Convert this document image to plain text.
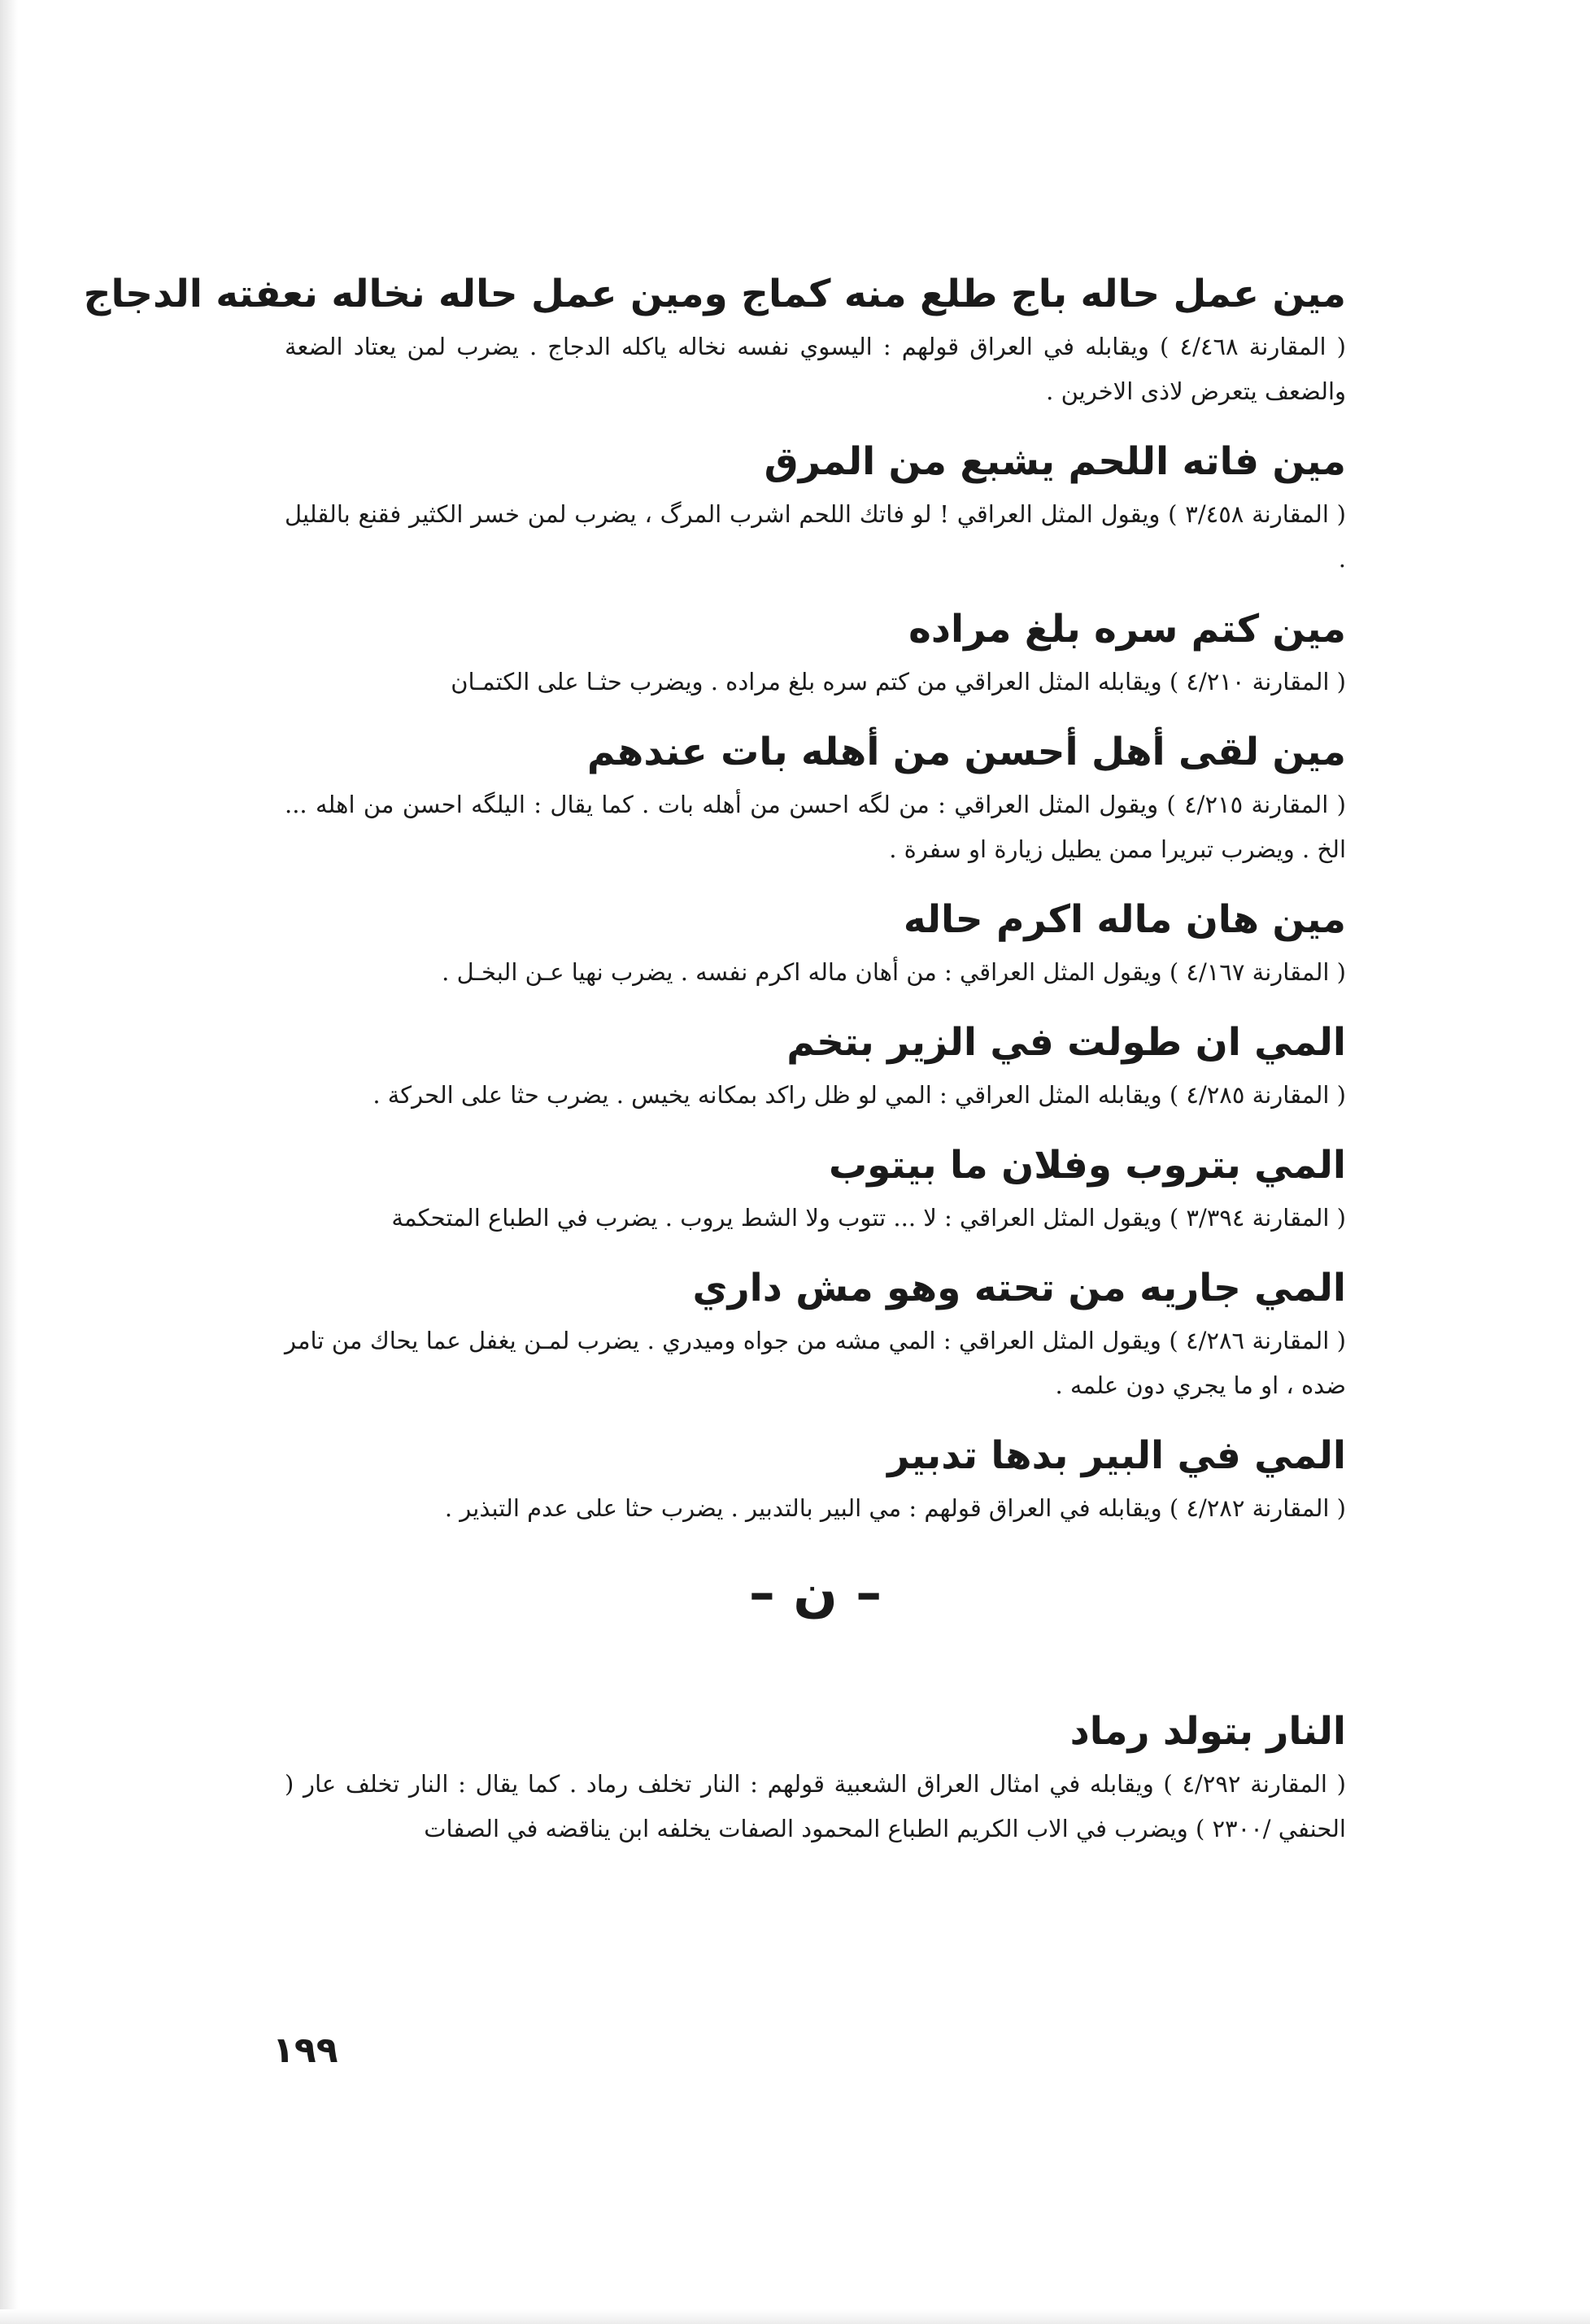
مين عمل حاله باج طلع منه كماج ومين عمل حاله نخاله نعفته الدجاج

( المقارنة ٤/٤٦٨ ) ويقابله في العراق قولهم : اليسوي نفسه نخاله ياكله الدجاج . يضرب لمن يعتاد الضعة والضعف يتعرض لاذى الاخرين .

مين فاته اللحم يشبع من المرق

( المقارنة ٣/٤٥٨ ) ويقول المثل العراقي ! لو فاتك اللحم اشرب المرگ ، يضرب لمن خسر الكثير فقنع بالقليل .

مين كتم سره بلغ مراده

( المقارنة ٤/٢١٠ ) ويقابله المثل العراقي من كتم سره بلغ مراده . ويضرب حثـا على الكتمـان

مين لقى أهل أحسن من أهله بات عندهم

( المقارنة ٤/٢١٥ ) ويقول المثل العراقي : من لگه احسن من أهله بات . كما يقال : اليلگه احسن من اهله ... الخ . ويضرب تبريرا ممن يطيل زيارة او سفرة .

مين هان ماله اكرم حاله

( المقارنة ٤/١٦٧ ) ويقول المثل العراقي : من أهان ماله اكرم نفسه . يضرب نهيا عـن البخـل .

المي ان طولت في الزير بتخم

( المقارنة ٤/٢٨٥ ) ويقابله المثل العراقي : المي لو ظل راكد بمكانه يخيس . يضرب حثا على الحركة .

المي بتروب وفلان ما بيتوب

( المقارنة ٣/٣٩٤ ) ويقول المثل العراقي : لا ... تتوب ولا الشط يروب . يضرب في الطباع المتحكمة

المي جاريه من تحته وهو مش داري

( المقارنة ٤/٢٨٦ ) ويقول المثل العراقي : المي مشه من جواه وميدري . يضرب لمـن يغفل عما يحاك من تامر ضده ، او ما يجري دون علمه .

المي في البير بدها تدبير

( المقارنة ٤/٢٨٢ ) ويقابله في العراق قولهم : مي البير بالتدبير . يضرب حثا على عدم التبذير .

– ن –

النار بتولد رماد

( المقارنة ٤/٢٩٢ ) ويقابله في امثال العراق الشعبية قولهم : النار تخلف رماد . كما يقال : النار تخلف عار ( الحنفي /٢٣٠٠ ) ويضرب في الاب الكريم الطباع المحمود الصفات يخلفه ابن يناقضه في الصفات

١٩٩
